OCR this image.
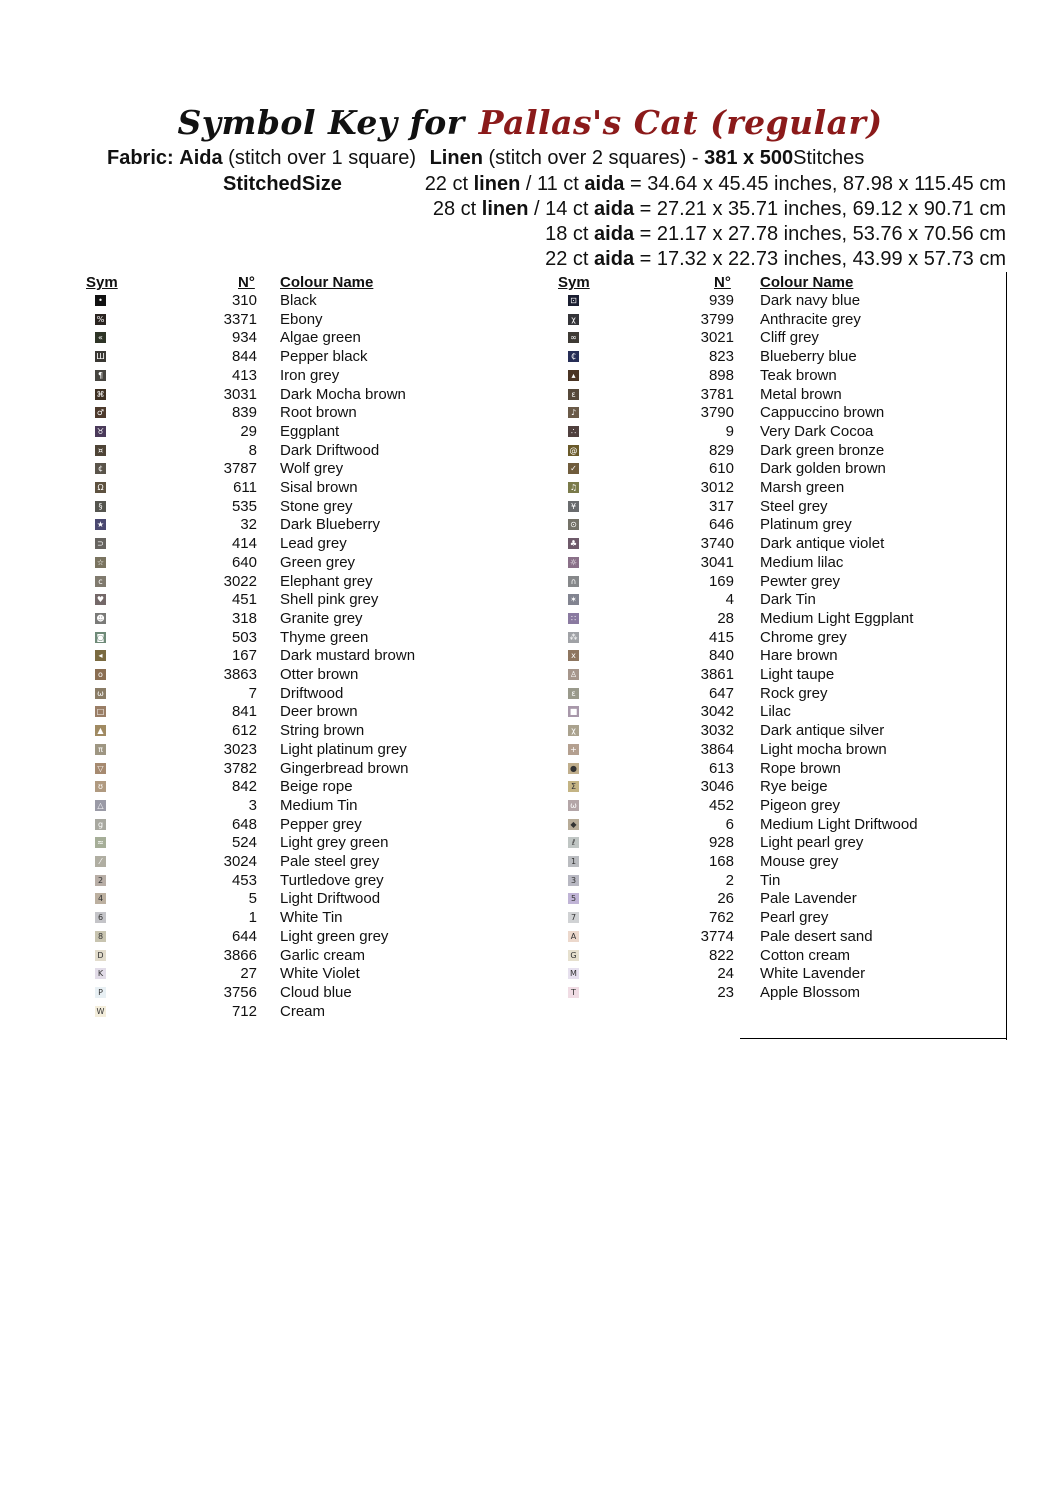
Symbol Key for Pallas's Cat (regular)
Fabric: Aida (stitch over 1 square) Linen (stitch over 2 squares) - 381 x 500Stitches
StitchedSize	22 ct linen / 11 ct aida = 34.64 x 45.45 inches, 87.98 x 115.45 cm
28 ct linen / 14 ct aida = 27.21 x 35.71 inches, 69.12 x 90.71 cm
18 ct aida = 21.17 x 27.78 inches, 53.76 x 70.56 cm
22 ct aida = 17.32 x 22.73 inches, 43.99 x 57.73 cm
Sym	N° Colour Name	Sym	N° Colour Name
•	310 Black
%	3371 Ebony
«	934 Algae green
Ш	844 Pepper black
¶	413 Iron grey
⌘	3031 Dark Mocha brown
♂	839 Root brown
♉	29 Eggplant
¤	8 Dark Driftwood
¢	3787 Wolf grey
Ω	611 Sisal brown
§	535 Stone grey
★	32 Dark Blueberry
⊃	414 Lead grey
☆	640 Green grey
c	3022 Elephant grey
♥	451 Shell pink grey
☻	318 Granite grey
◙	503 Thyme green
◂	167 Dark mustard brown
o	3863 Otter brown
ω	7 Driftwood
□	841 Deer brown
▲	612 String brown
π	3023 Light platinum grey
▽	3782 Gingerbread brown
ʊ	842 Beige rope
△	3 Medium Tin
g	648 Pepper grey
≈	524 Light grey green
⁄	3024 Pale steel grey
2	453 Turtledove grey
4	5 Light Driftwood
6	1 White Tin
8	644 Light green grey
D	3866 Garlic cream
K	27 White Violet
P	3756 Cloud blue
W	712 Cream
⊡	939 Dark navy blue
χ	3799 Anthracite grey
∞	3021 Cliff grey
₵	823 Blueberry blue
▴	898 Teak brown
ε	3781 Metal brown
♪	3790 Cappuccino brown
∴	9 Very Dark Cocoa
@	829 Dark green bronze
✓	610 Dark golden brown
♫	3012 Marsh green
¥	317 Steel grey
⊙	646 Platinum grey
♣	3740 Dark antique violet
☼	3041 Medium lilac
∩	169 Pewter grey
✶	4 Dark Tin
∷	28 Medium Light Eggplant
⁂	415 Chrome grey
x	840 Hare brown
♙	3861 Light taupe
ε	647 Rock grey
■	3042 Lilac
χ	3032 Dark antique silver
+	3864 Light mocha brown
●	613 Rope brown
Σ	3046 Rye beige
ω	452 Pigeon grey
◆	6 Medium Light Driftwood
ℓ	928 Light pearl grey
1	168 Mouse grey
3	2 Tin
5	26 Pale Lavender
7	762 Pearl grey
A	3774 Pale desert sand
G	822 Cotton cream
M	24 White Lavender
T	23 Apple Blossom
